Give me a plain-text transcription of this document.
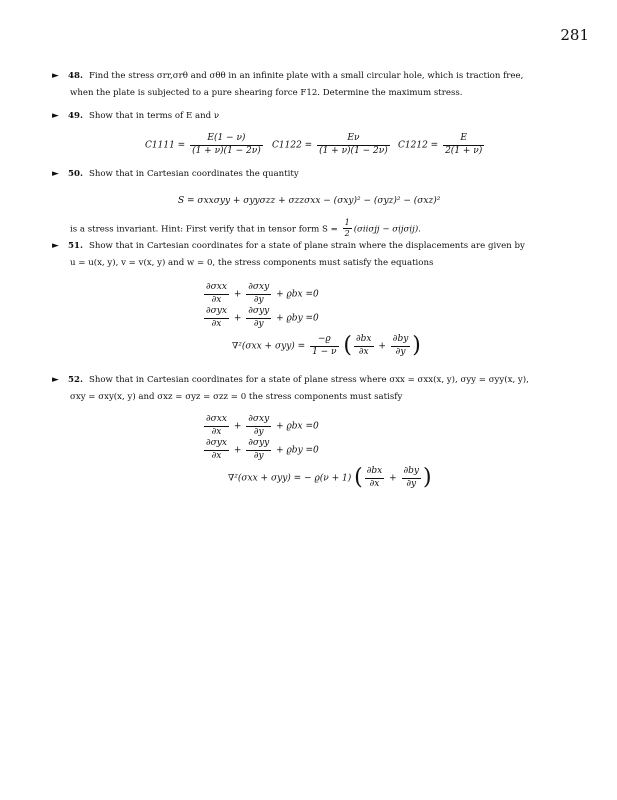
281
► 48. Find the stress σrr,σrθ and σθθ in an infinite plate with a small circular hole, which is traction free,
when the plate is subjected to a pure shearing force F12. Determine the maximum stress.
► 49. Show that in terms of E and ν
$C1111 = \frac{E(1 - \nu)}{(1 + \nu)(1 - 2\nu)} C1122 = \frac{E\nu}{(1 + \nu)(1 - 2\nu)} C1212 = \frac{E}{2(1 + \nu)}$
► 50. Show that in Cartesian coordinates the quantity
S = σxxσyy + σyyσzz + σzzσxx − (σxy)² − (σyz)² − (σxz)²
is a stress invariant. Hint: First verify that in tensor form $S = \frac{1}{2} (\sigma ii\sigma jj - \sigma ij\sigma ij)$.
► 51. Show that in Cartesian coordinates for a state of plane strain where the displacements are given by
u = u(x, y), v = v(x, y) and w = 0, the stress components must satisfy the equations
$\frac{\text{∂σxx}}{\partial x} + \frac{\text{∂σxy}}{\partial y} + ϱbx =0$
$\frac{\text{∂σyx}}{\partial x} + \frac{\text{∂σyy}}{\partial y} + ϱby =0$
$\nabla^2(\sigma xx + \sigma yy) = \frac{-ϱ}{1 - \nu}$ ( $\frac{\partial bx}{\partial x} + \frac{\partial by}{\partial y}$ )
► 52. Show that in Cartesian coordinates for a state of plane stress where σxx = σxx(x, y), σyy = σyy(x, y),
σxy = σxy(x, y) and σxz = σyz = σzz = 0 the stress components must satisfy
$\frac{\text{∂σxx}}{\partial x} + \frac{\text{∂σxy}}{\partial y} + ϱbx =0$
$\frac{\text{∂σyx}}{\partial x} + \frac{\text{∂σyy}}{\partial y} + ϱby =0$
∇²(σxx + σyy) = − ϱ(ν + 1) ( $\frac{\partial bx}{\partial x} + \frac{\partial by}{\partial y}$ )
